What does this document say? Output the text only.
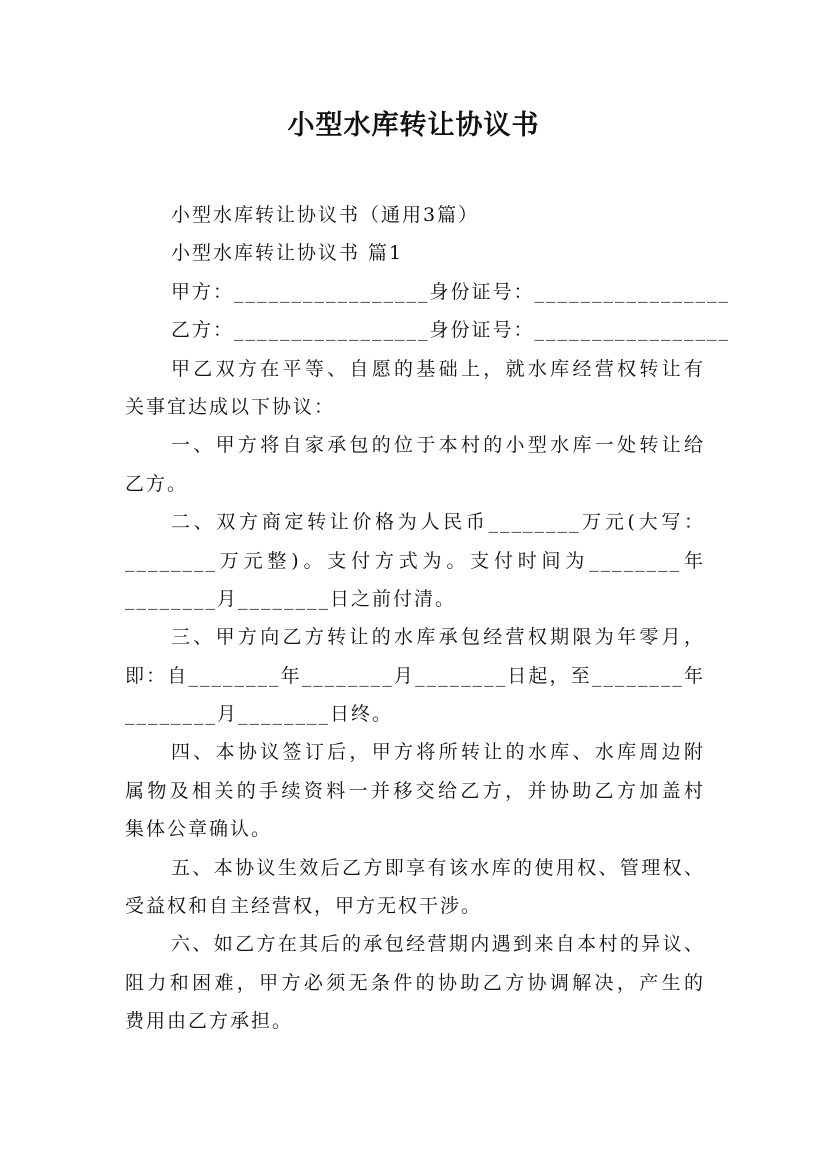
小型水库转让协议书
小型水库转让协议书（通用3篇）
小型水库转让协议书 篇1
甲方：_________________身份证号：_________________
乙方：_________________身份证号：_________________
甲乙双方在平等、自愿的基础上，就水库经营权转让有
关事宜达成以下协议：
一、甲方将自家承包的位于本村的小型水库一处转让给
乙方。
二、双方商定转让价格为人民币________万元(大写：
________万元整)。支付方式为。支付时间为________年
________月________日之前付清。
三、甲方向乙方转让的水库承包经营权期限为年零月，
即：自________年________月________日起，至________年
________月________日终。
四、本协议签订后，甲方将所转让的水库、水库周边附
属物及相关的手续资料一并移交给乙方，并协助乙方加盖村
集体公章确认。
五、本协议生效后乙方即享有该水库的使用权、管理权、
受益权和自主经营权，甲方无权干涉。
六、如乙方在其后的承包经营期内遇到来自本村的异议、
阻力和困难，甲方必须无条件的协助乙方协调解决，产生的
费用由乙方承担。
